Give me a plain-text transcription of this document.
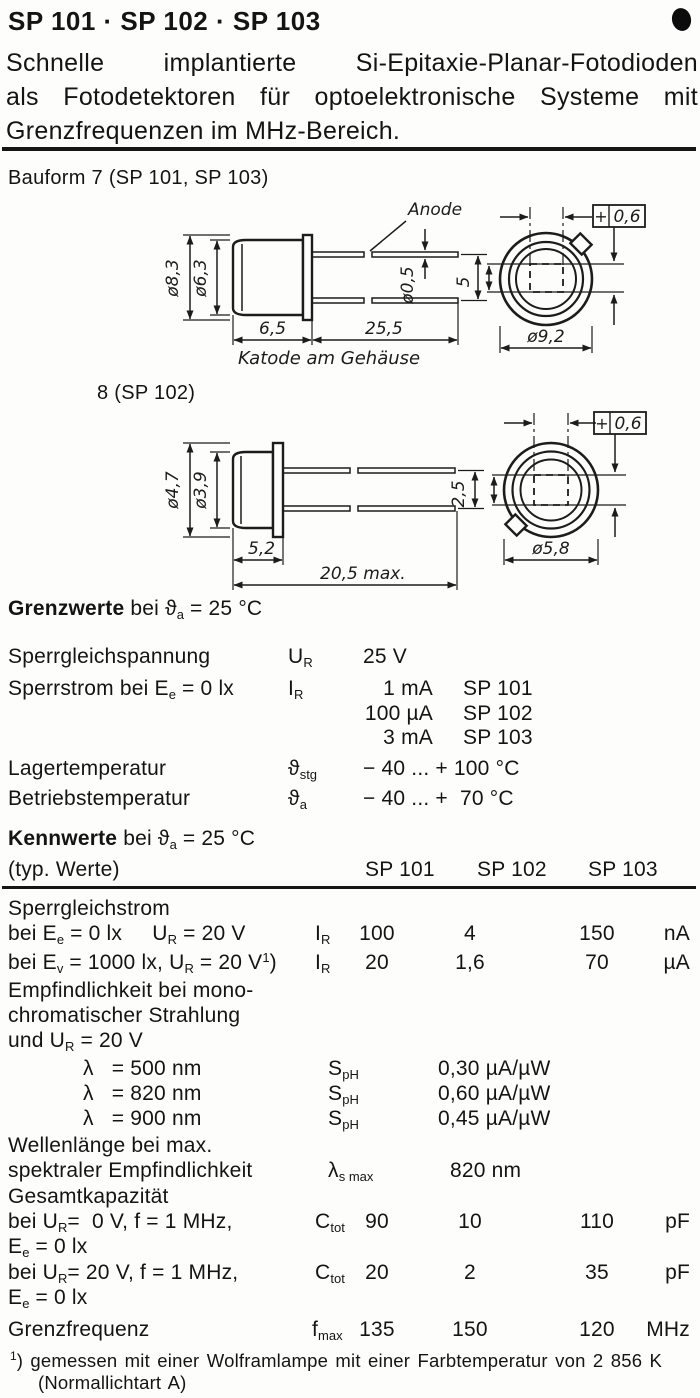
SP 101 · SP 102 · SP 103
Schnelle implantierte Si-Epitaxie-Planar-Fotodioden
als Fotodetektoren für optoelektronische Systeme mit
Grenzfrequenzen im MHz-Bereich.
Bauform 7 (SP 101, SP 103)
Anode
ø8,3 ø6,3
6,5	25,5
ø0,5 5
Katode am Gehäuse
+ 0,6
ø9,2
8 (SP 102)
ø4,7 ø3,9
5,2
20,5 max.
2,5
+ 0,6
ø5,8
Grenzwerte bei ϑa = 25 °C
Sperrgleichspannung	UR 25 V
Sperrstrom bei Ee = 0 lx	IR	1 mA SP 101
100 µA SP 102
3 mA SP 103
Lagertemperatur	ϑstg − 40 ... + 100 °C
Betriebstemperatur	ϑa	− 40 ... +  70 °C
Kennwerte bei ϑa = 25 °C
(typ. Werte)	SP 101 SP 102 SP 103
Sperrgleichstrom
bei Ee = 0 lx     UR = 20 V	IR	100	4	150	nA
bei Ev = 1000 lx, UR = 20 $V^1$) IR	20	1,6	70	µA
Empfindlichkeit bei mono-
chromatischer Strahlung
und UR = 20 V
λ   = 500 nm	SpH	0,30 µA/µW
λ   = 820 nm	SpH	0,60 µA/µW
λ   = 900 nm	SpH	0,45 µA/µW
Wellenlänge bei max.
spektraler Empfindlichkeit	λs max	820 nm
Gesamtkapazität
bei UR=  0 V, f = 1 MHz,	Ctot 90	10	110	pF
Ee = 0 lx
bei UR= 20 V, f = 1 MHz,	Ctot 20	2	35	pF
Ee = 0 lx
Grenzfrequenz	fmax 135	150	120	MHz
$^1$) gemessen mit einer Wolframlampe mit einer Farbtemperatur von 2 856 K
(Normallichtart A)
